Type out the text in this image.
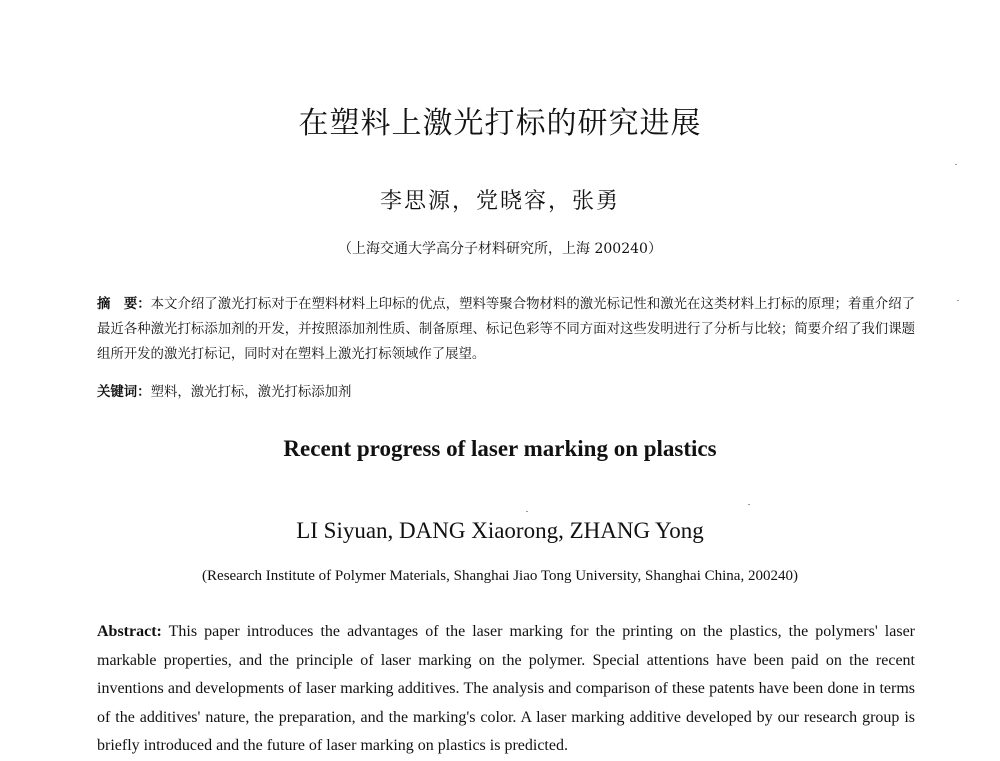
在塑料上激光打标的研究进展
李思源，党晓容，张勇
（上海交通大学高分子材料研究所，上海 200240）
摘　要：本文介绍了激光打标对于在塑料材料上印标的优点，塑料等聚合物材料的激光标记性和激光在这类材料上打标的原理；着重介绍了最近各种激光打标添加剂的开发，并按照添加剂性质、制备原理、标记色彩等不同方面对这些发明进行了分析与比较；简要介绍了我们课题组所开发的激光打标记，同时对在塑料上激光打标领域作了展望。
关键词：塑料，激光打标，激光打标添加剂
Recent progress of laser marking on plastics
LI Siyuan, DANG Xiaorong, ZHANG Yong
(Research Institute of Polymer Materials, Shanghai Jiao Tong University, Shanghai China, 200240)
Abstract: This paper introduces the advantages of the laser marking for the printing on the plastics, the polymers' laser markable properties, and the principle of laser marking on the polymer. Special attentions have been paid on the recent inventions and developments of laser marking additives. The analysis and comparison of these patents have been done in terms of the additives' nature, the preparation, and the marking's color. A laser marking additive developed by our research group is briefly introduced and the future of laser marking on plastics is predicted.
